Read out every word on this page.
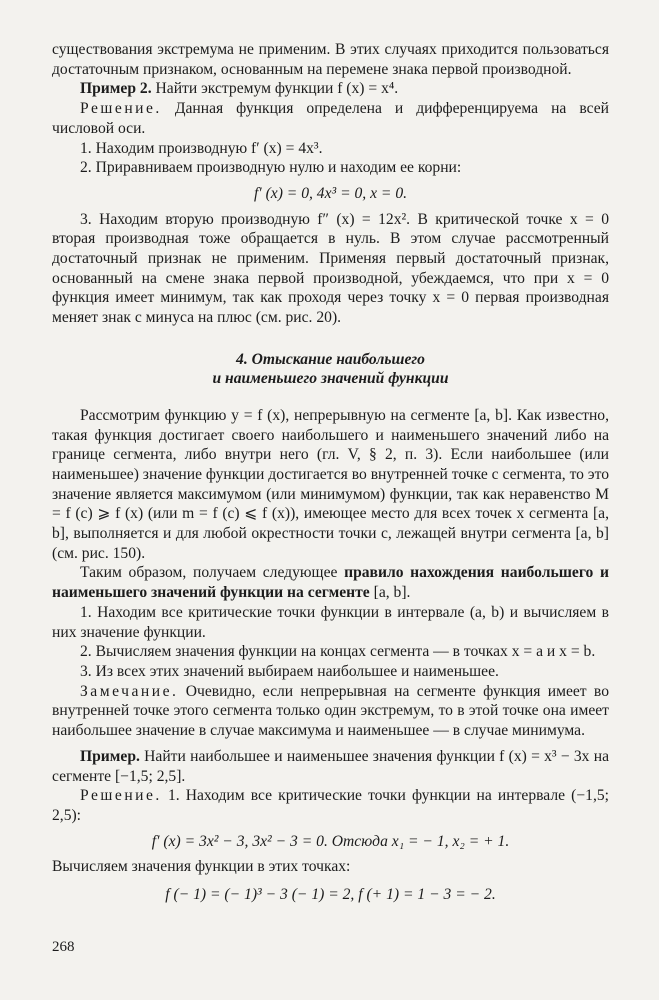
существования экстремума не применим. В этих случаях приходится пользоваться достаточным признаком, основанным на перемене знака первой производной.

Пример 2. Найти экстремум функции f (x) = x⁴.

Решение. Данная функция определена и дифференцируема на всей числовой оси.

1. Находим производную f′ (x) = 4x³.

2. Приравниваем производную нулю и находим ее корни:

f′ (x) = 0, 4x³ = 0, x = 0.

3. Находим вторую производную f″ (x) = 12x². В критической точке x = 0 вторая производная тоже обращается в нуль. В этом случае рассмотренный достаточный признак не применим. Применяя первый достаточный признак, основанный на смене знака первой производной, убеждаемся, что при x = 0 функция имеет минимум, так как проходя через точку x = 0 первая производная меняет знак с минуса на плюс (см. рис. 20).

4. Отыскание наибольшего
и наименьшего значений функции

Рассмотрим функцию y = f (x), непрерывную на сегменте [a, b]. Как известно, такая функция достигает своего наибольшего и наименьшего значений либо на границе сегмента, либо внутри него (гл. V, § 2, п. 3). Если наибольшее (или наименьшее) значение функции достигается во внутренней точке c сегмента, то это значение является максимумом (или минимумом) функции, так как неравенство M = f (c) ⩾ f (x) (или m = f (c) ⩽ f (x)), имеющее место для всех точек x сегмента [a, b], выполняется и для любой окрестности точки c, лежащей внутри сегмента [a, b] (см. рис. 150).

Таким образом, получаем следующее правило нахождения наибольшего и наименьшего значений функции на сегменте [a, b].

1. Находим все критические точки функции в интервале (a, b) и вычисляем в них значение функции.

2. Вычисляем значения функции на концах сегмента — в точках x = a и x = b.

3. Из всех этих значений выбираем наибольшее и наименьшее.

Замечание. Очевидно, если непрерывная на сегменте функция имеет во внутренней точке этого сегмента только один экстремум, то в этой точке она имеет наибольшее значение в случае максимума и наименьшее — в случае минимума.

Пример. Найти наибольшее и наименьшее значения функции f (x) = x³ − 3x на сегменте [−1,5; 2,5].

Решение. 1. Находим все критические точки функции на интервале (−1,5; 2,5):

f′ (x) = 3x² − 3, 3x² − 3 = 0. Отсюда x₁ = − 1, x₂ = + 1.

Вычисляем значения функции в этих точках:

f (− 1) = (− 1)³ − 3 (− 1) = 2, f (+ 1) = 1 − 3 = − 2.

268
